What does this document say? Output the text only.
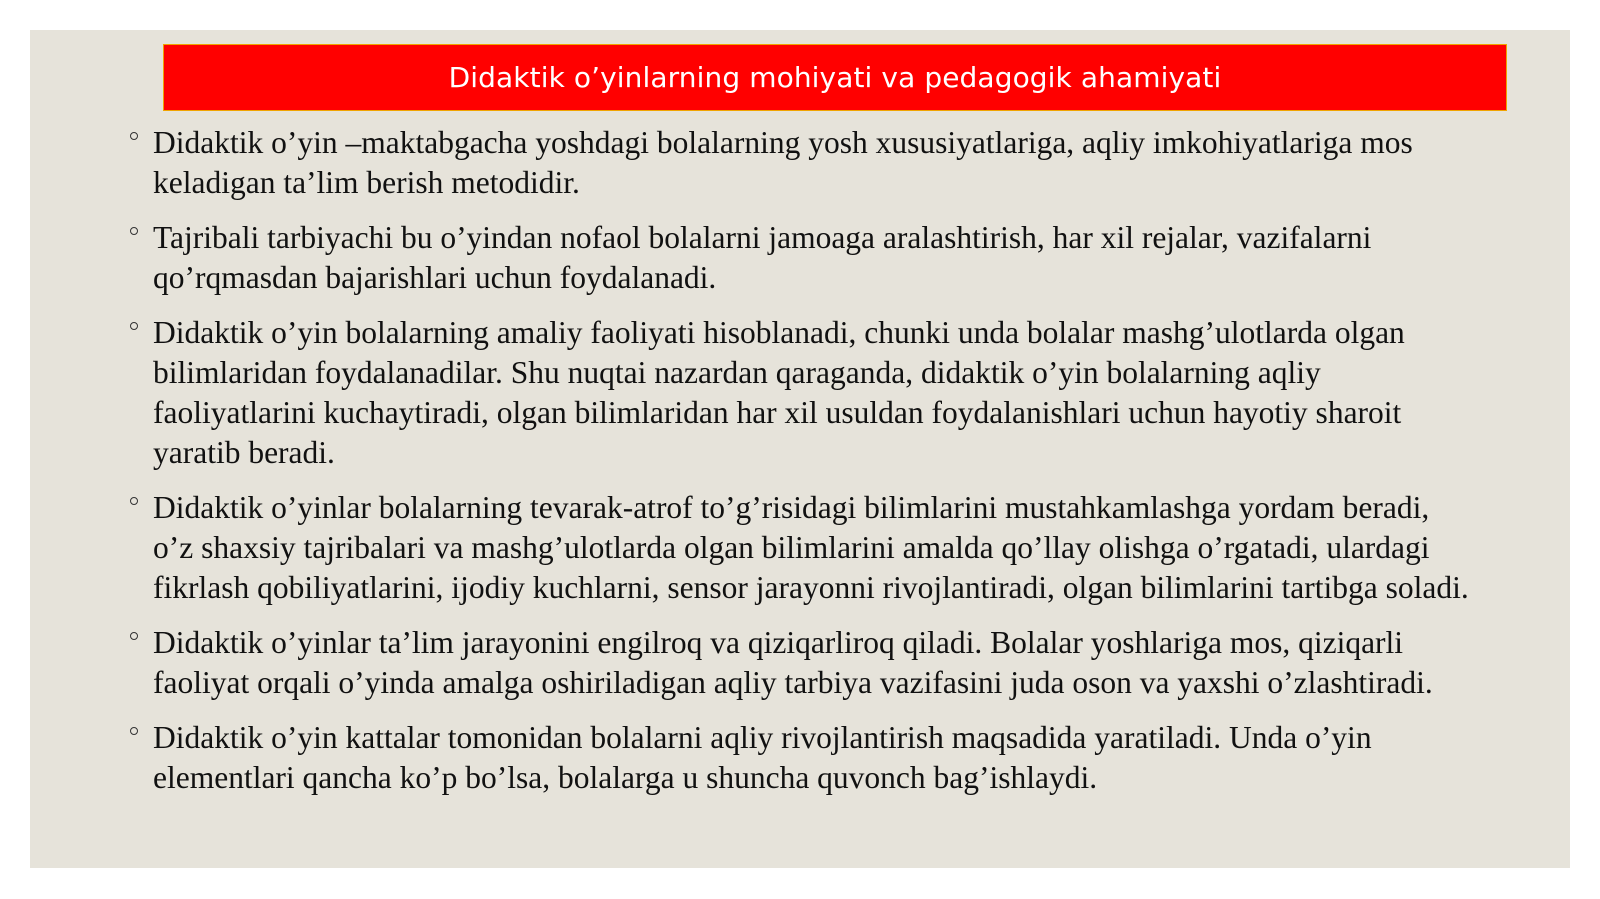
Didaktik o’yinlarning mohiyati va pedagogik ahamiyati
Didaktik o’yin –maktabgacha yoshdagi bolalarning yosh xususiyatlariga, aqliy imkohiyatlariga mos keladigan ta’lim berish metodidir.
Tajribali tarbiyachi bu o’yindan nofaol bolalarni jamoaga aralashtirish, har xil rejalar, vazifalarni qo’rqmasdan bajarishlari uchun foydalanadi.
Didaktik o’yin bolalarning amaliy faoliyati hisoblanadi, chunki unda bolalar mashg’ulotlarda olgan bilimlaridan foydalanadilar. Shu nuqtai nazardan qaraganda, didaktik o’yin bolalarning aqliy faoliyatlarini kuchaytiradi, olgan bilimlaridan har xil usuldan foydalanishlari uchun hayotiy sharoit yaratib beradi.
Didaktik o’yinlar bolalarning tevarak-atrof to’g’risidagi bilimlarini mustahkamlashga yordam beradi, o’z shaxsiy tajribalari va mashg’ulotlarda olgan bilimlarini amalda qo’llay olishga o’rgatadi, ulardagi fikrlash qobiliyatlarini, ijodiy kuchlarni, sensor jarayonni rivojlantiradi, olgan bilimlarini tartibga soladi.
Didaktik o’yinlar ta’lim jarayonini engilroq va qiziqarliroq qiladi. Bolalar yoshlariga mos, qiziqarli faoliyat orqali o’yinda amalga oshiriladigan aqliy tarbiya vazifasini juda oson va yaxshi o’zlashtiradi.
Didaktik o’yin kattalar tomonidan bolalarni aqliy rivojlantirish maqsadida yaratiladi. Unda o’yin elementlari qancha ko’p bo’lsa, bolalarga u shuncha quvonch bag’ishlaydi.
